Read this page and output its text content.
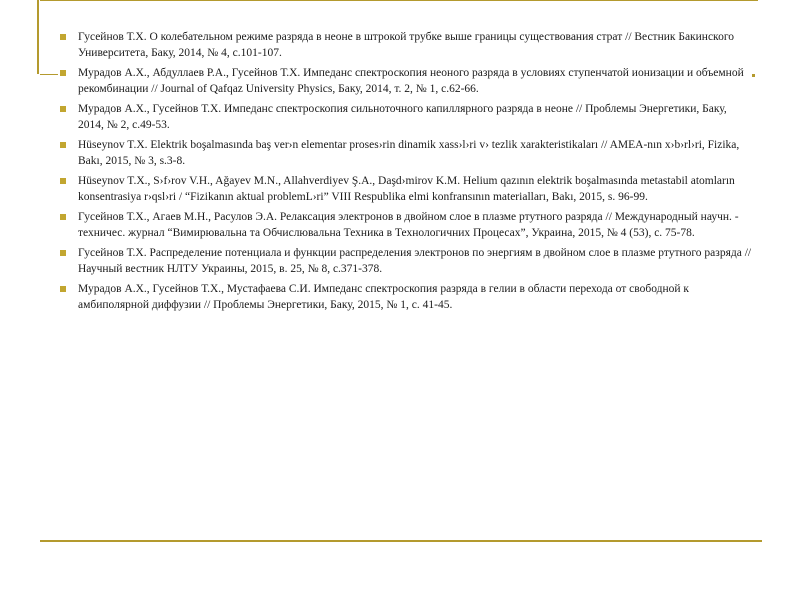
Гусейнов Т.Х. О колебательном режиме разряда в неоне в штрокой трубке выше границы существования страт // Вестник Бакинского Университета, Баку, 2014, № 4, с.101-107.
Мурадов А.Х., Абдуллаев Р.А., Гусейнов Т.Х. Импеданс спектроскопия неоного разряда в условиях ступенчатой ионизации и объемной рекомбинации // Journal of Qafqaz University Physics, Баку, 2014, т. 2, № 1, с.62-66.
Мурадов А.Х., Гусейнов Т.Х. Импеданс спектроскопия сильноточного капиллярного разряда в неоне // Проблемы Энергетики, Баку, 2014, № 2, с.49-53.
Hüseynov T.X. Elektrik boşalmasında baş ver›n elementar proses›rin dinamik xass›l›ri v› tezlik xarakteristikaları // AMEA-nın x›b›rl›ri, Fizika, Bakı, 2015, № 3, s.3-8.
Hüseynov T.X., S›f›rov V.H., Ağayev M.N., Allahverdiyev Ş.A., Daşd›mirov K.M. Helium qazının elektrik boşalmasında metastabil atomların konsentrasiya r›qsl›ri / “Fizikanın aktual problemL›ri” VIII Respublika elmi konfransının materialları, Bakı, 2015, s. 96-99.
Гусейнов Т.Х., Агаев М.Н., Расулов Э.А. Релаксация электронов в двойном слое в плазме ртутного разряда // Международный научн. - техничес. журнал “Вимирювальна та Обчислювальна Техника в Технологичних Процесах”, Украина, 2015, № 4 (53), с. 75-78.
Гусейнов Т.Х. Распределение потенциала и функции распределения электронов по энергиям в двойном слое в плазме ртутного разряда // Научный вестник НЛТУ Украины, 2015, в. 25, № 8, с.371-378.
Мурадов А.Х., Гусейнов Т.Х., Мустафаева С.И. Импеданс спектроскопия разряда в гелии в области перехода от свободной к амбиполярной диффузии // Проблемы Энергетики, Баку, 2015, № 1, с. 41-45.
